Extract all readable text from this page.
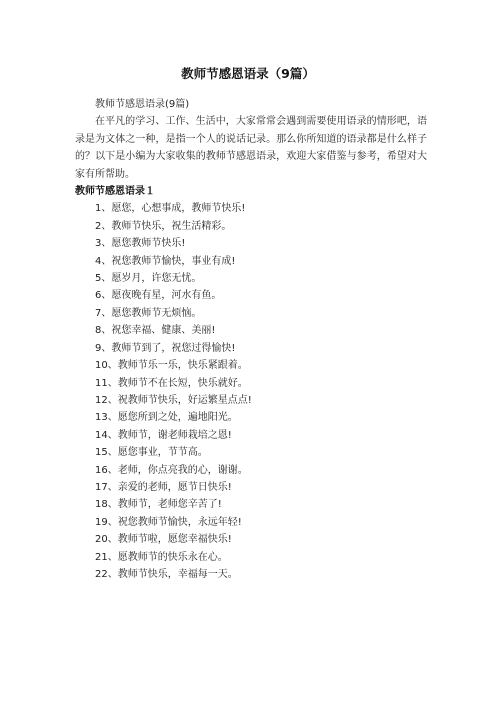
教师节感恩语录（9篇）

教师节感恩语录(9篇)

在平凡的学习、工作、生活中，大家常常会遇到需要使用语录的情形吧，语录是为文体之一种，是指一个人的说话记录。那么你所知道的语录都是什么样子的？以下是小编为大家收集的教师节感恩语录，欢迎大家借鉴与参考，希望对大家有所帮助。

教师节感恩语录１

1、愿您，心想事成，教师节快乐!
2、教师节快乐，祝生活精彩。
3、愿您教师节快乐!
4、祝您教师节愉快，事业有成!
5、愿岁月，许您无忧。
6、愿夜晚有星，河水有鱼。
7、愿您教师节无烦恼。
8、祝您幸福、健康、美丽!
9、教师节到了，祝您过得愉快!
10、教师节乐一乐，快乐紧跟着。
11、教师节不在长短，快乐就好。
12、祝教师节快乐，好运繁星点点!
13、愿您所到之处，遍地阳光。
14、教师节，谢老师栽培之恩!
15、愿您事业，节节高。
16、老师，你点亮我的心，谢谢。
17、亲爱的老师，愿节日快乐!
18、教师节，老师您辛苦了!
19、祝您教师节愉快，永远年轻!
20、教师节啦，愿您幸福快乐!
21、愿教师节的快乐永在心。
22、教师节快乐，幸福每一天。
